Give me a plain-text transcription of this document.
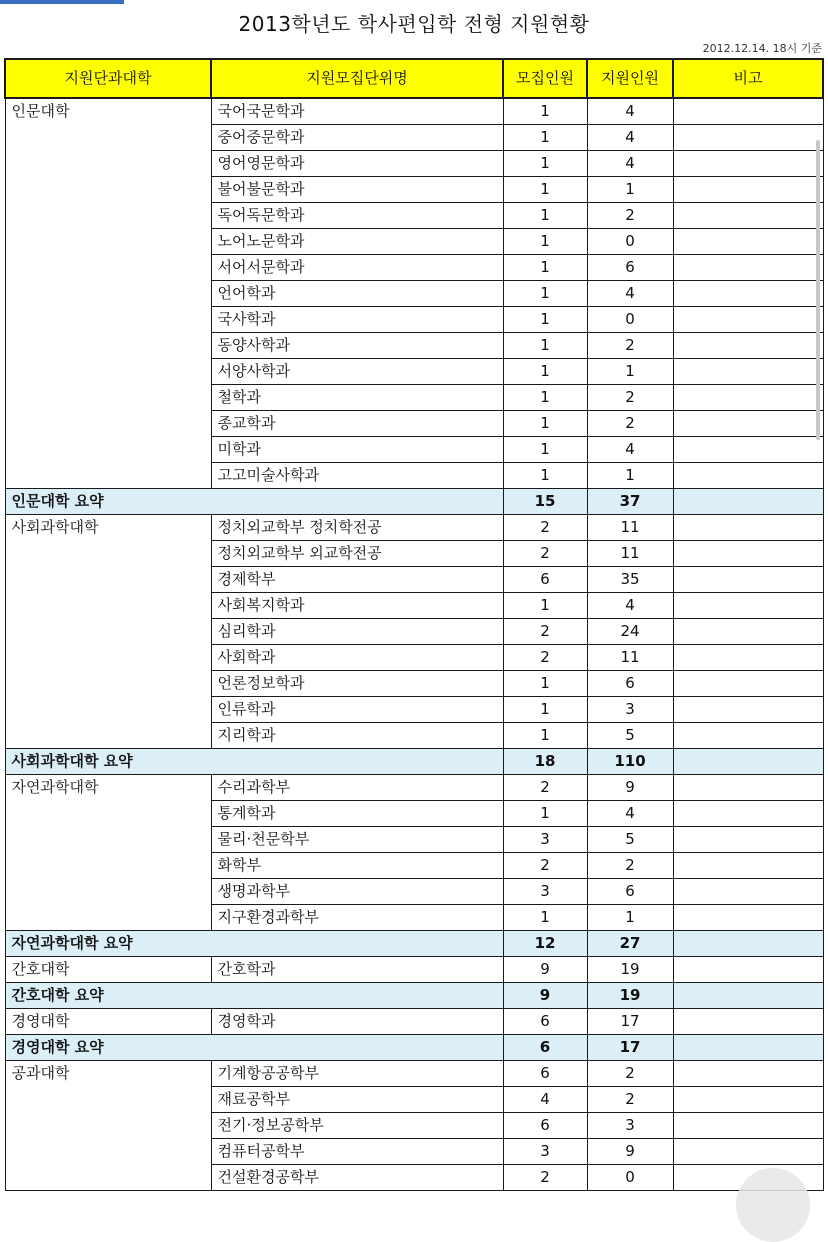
2013학년도 학사편입학 전형 지원현황
2012.12.14. 18시 기준
지원단과대학	지원모집단위명	모집인원	지원인원	비고
인문대학	국어국문학과	1	4	
	중어중문학과	1	4	
	영어영문학과	1	4	
	불어불문학과	1	1	
	독어독문학과	1	2	
	노어노문학과	1	0	
	서어서문학과	1	6	
	언어학과	1	4	
	국사학과	1	0	
	동양사학과	1	2	
	서양사학과	1	1	
	철학과	1	2	
	종교학과	1	2	
	미학과	1	4	
	고고미술사학과	1	1	
인문대학 요약		15	37	
사회과학대학	정치외교학부 정치학전공	2	11	
	정치외교학부 외교학전공	2	11	
	경제학부	6	35	
	사회복지학과	1	4	
	심리학과	2	24	
	사회학과	2	11	
	언론정보학과	1	6	
	인류학과	1	3	
	지리학과	1	5	
사회과학대학 요약		18	110	
자연과학대학	수리과학부	2	9	
	통계학과	1	4	
	물리·천문학부	3	5	
	화학부	2	2	
	생명과학부	3	6	
	지구환경과학부	1	1	
자연과학대학 요약		12	27	
간호대학	간호학과	9	19	
간호대학 요약		9	19	
경영대학	경영학과	6	17	
경영대학 요약		6	17	
공과대학	기계항공공학부	6	2	
	재료공학부	4	2	
	전기·정보공학부	6	3	
	컴퓨터공학부	3	9	
	건설환경공학부	2	0	
